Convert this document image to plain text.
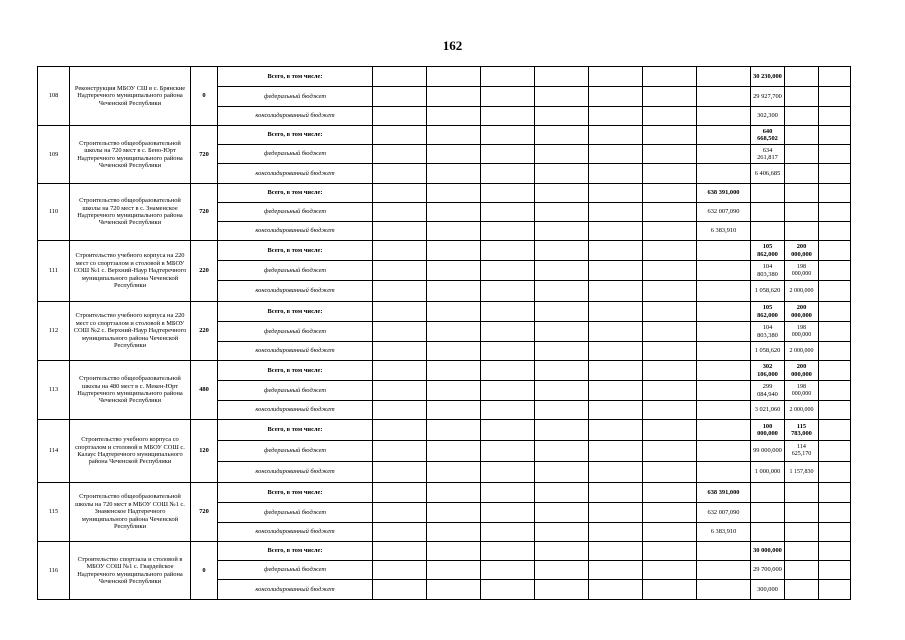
162
108	Реконструкция МБОУ СШ в с. Брянские Надтеречного муниципального района Чеченской Республики	0	Всего, в том числе:								30 230,000		
			федеральный бюджет								29 927,700		
			консолидированный бюджет								302,300		
109	Строительство общеобразовательной школы на 720 мест в с. Бено-Юрт Надтеречного муниципального района Чеченской Республики	720	Всего, в том числе:								640 668,502		
			федеральный бюджет								634 261,817		
			консолидированный бюджет								6 406,685		
110	Строительство общеобразовательной школы на 720 мест в с. Знаменское Надтеречного муниципального района Чеченской Республики	720	Всего, в том числе:							638 391,000			
			федеральный бюджет							632 007,090			
			консолидированный бюджет							6 383,910			
111	Строительство учебного корпуса на 220 мест со спортзалом и столовой в МБОУ СОШ №1 с. Верхний-Наур Надтеречного муниципального района Чеченской Республики	220	Всего, в том числе:								105 862,000	200 000,000	
			федеральный бюджет								104 803,380	198 000,000	
			консолидированный бюджет								1 058,620	2 000,000	
112	Строительство учебного корпуса на 220 мест со спортзалом и столовой в МБОУ СОШ №2 с. Верхний-Наур Надтеречного муниципального района Чеченской Республики	220	Всего, в том числе:								105 862,000	200 000,000	
			федеральный бюджет								104 803,380	198 000,000	
			консолидированный бюджет								1 058,620	2 000,000	
113	Строительство общеобразовательной школы на 480 мест в с. Мекен-Юрт Надтеречного муниципального района Чеченской Республики	480	Всего, в том числе:								302 106,000	200 000,000	
			федеральный бюджет								299 084,940	198 000,000	
			консолидированный бюджет								3 021,060	2 000,000	
114	Строительство учебного корпуса со спортзалом и столовой в МБОУ СОШ с. Калаус Надтеречного муниципального района Чеченской Республики	120	Всего, в том числе:								100 000,000	115 783,000	
			федеральный бюджет								99 000,000	114 625,170	
			консолидированный бюджет								1 000,000	1 157,830	
115	Строительство общеобразовательной школы на 720 мест в МБОУ СОШ №1 с. Знаменское Надтеречного муниципального района Чеченской Республики	720	Всего, в том числе:							638 391,000			
			федеральный бюджет							632 007,090			
			консолидированный бюджет							6 383,910			
116	Строительство спортзала и столовой в МБОУ СОШ №1 с. Гвардейское Надтеречного муниципального района Чеченской Республики	0	Всего, в том числе:								30 000,000		
			федеральный бюджет								29 700,000		
			консолидированный бюджет								300,000		
